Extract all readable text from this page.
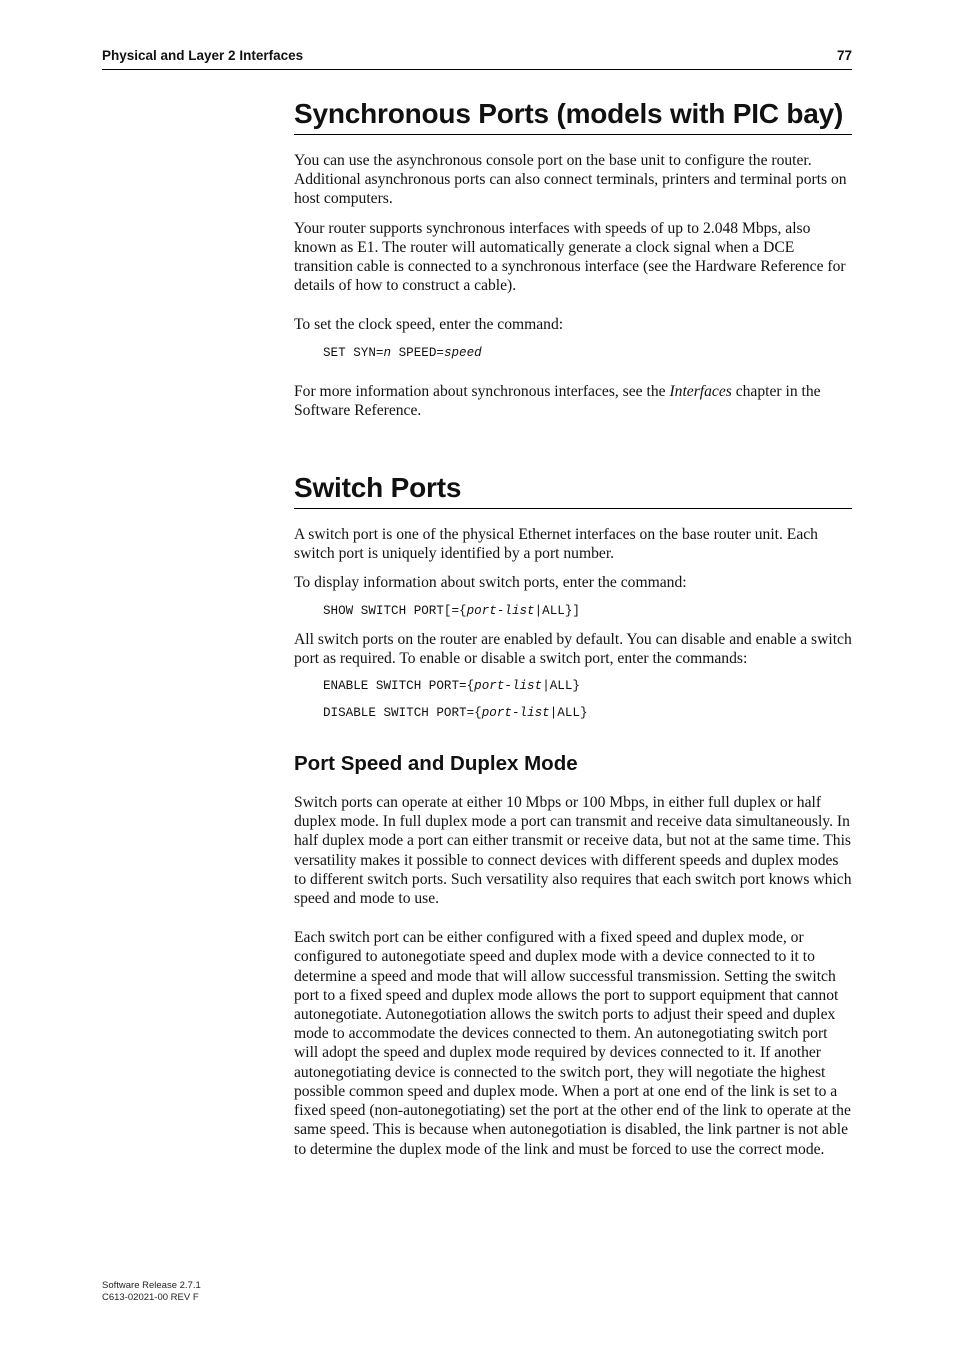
Physical and Layer 2 Interfaces	77
Synchronous Ports (models with PIC bay)

You can use the asynchronous console port on the base unit to configure the router. Additional asynchronous ports can also connect terminals, printers and terminal ports on host computers.

Your router supports synchronous interfaces with speeds of up to 2.048 Mbps, also known as E1. The router will automatically generate a clock signal when a DCE transition cable is connected to a synchronous interface (see the Hardware Reference for details of how to construct a cable).

To set the clock speed, enter the command:

SET SYN=n SPEED=speed

For more information about synchronous interfaces, see the Interfaces chapter in the Software Reference.

Switch Ports

A switch port is one of the physical Ethernet interfaces on the base router unit. Each switch port is uniquely identified by a port number.

To display information about switch ports, enter the command:

SHOW SWITCH PORT[={port-list|ALL}]

All switch ports on the router are enabled by default. You can disable and enable a switch port as required. To enable or disable a switch port, enter the commands:

ENABLE SWITCH PORT={port-list|ALL}
DISABLE SWITCH PORT={port-list|ALL}
Port Speed and Duplex Mode

Switch ports can operate at either 10 Mbps or 100 Mbps, in either full duplex or half duplex mode. In full duplex mode a port can transmit and receive data simultaneously. In half duplex mode a port can either transmit or receive data, but not at the same time. This versatility makes it possible to connect devices with different speeds and duplex modes to different switch ports. Such versatility also requires that each switch port knows which speed and mode to use.

Each switch port can be either configured with a fixed speed and duplex mode, or configured to autonegotiate speed and duplex mode with a device connected to it to determine a speed and mode that will allow successful transmission. Setting the switch port to a fixed speed and duplex mode allows the port to support equipment that cannot autonegotiate. Autonegotiation allows the switch ports to adjust their speed and duplex mode to accommodate the devices connected to them. An autonegotiating switch port will adopt the speed and duplex mode required by devices connected to it. If another autonegotiating device is connected to the switch port, they will negotiate the highest possible common speed and duplex mode. When a port at one end of the link is set to a fixed speed (non-autonegotiating) set the port at the other end of the link to operate at the same speed. This is because when autonegotiation is disabled, the link partner is not able to determine the duplex mode of the link and must be forced to use the correct mode.

Software Release 2.7.1
C613-02021-00 REV F
